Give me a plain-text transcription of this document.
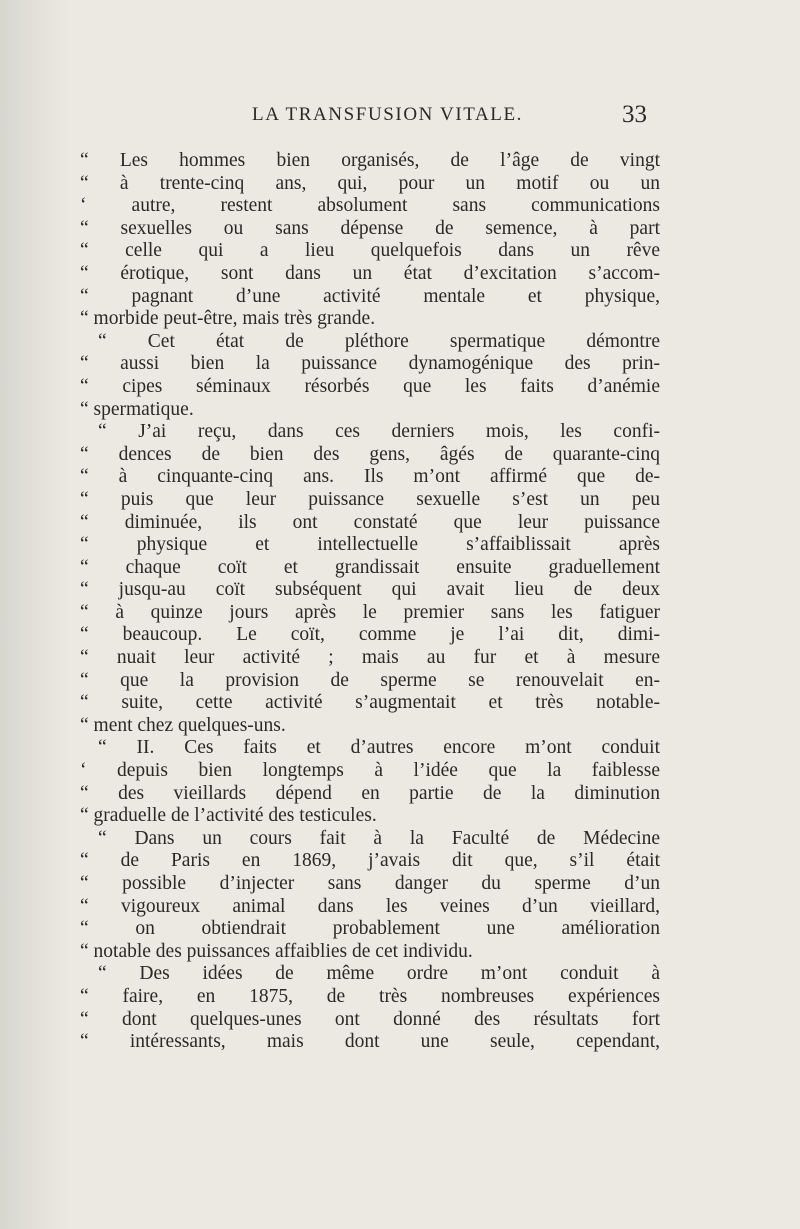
LA TRANSFUSION VITALE.	33
“ Les hommes bien organisés, de l’âge de vingt
“ à trente-cinq ans, qui, pour un motif ou un
‘ autre, restent absolument sans communications
“ sexuelles ou sans dépense de semence, à part
“ celle qui a lieu quelquefois dans un rêve
“ érotique, sont dans un état d’excitation s’accom-
“ pagnant d’une activité mentale et physique,
“ morbide peut-être, mais très grande.
“ Cet état de pléthore spermatique démontre
“ aussi bien la puissance dynamogénique des prin-
“ cipes séminaux résorbés que les faits d’anémie
“ spermatique.
“ J’ai reçu, dans ces derniers mois, les confi-
“ dences de bien des gens, âgés de quarante-cinq
“ à cinquante-cinq ans. Ils m’ont affirmé que de-
“ puis que leur puissance sexuelle s’est un peu
“ diminuée, ils ont constaté que leur puissance
“ physique et intellectuelle s’affaiblissait après
“ chaque coït et grandissait ensuite graduellement
“ jusqu-au coït subséquent qui avait lieu de deux
“ à quinze jours après le premier sans les fatiguer
“ beaucoup. Le coït, comme je l’ai dit, dimi-
“ nuait leur activité ; mais au fur et à mesure
“ que la provision de sperme se renouvelait en-
“ suite, cette activité s’augmentait et très notable-
“ ment chez quelques-uns.
“ II. Ces faits et d’autres encore m’ont conduit
‘ depuis bien longtemps à l’idée que la faiblesse
“ des vieillards dépend en partie de la diminution
“ graduelle de l’activité des testicules.
“ Dans un cours fait à la Faculté de Médecine
“ de Paris en 1869, j’avais dit que, s’il était
“ possible d’injecter sans danger du sperme d’un
“ vigoureux animal dans les veines d’un vieillard,
“ on obtiendrait probablement une amélioration
“ notable des puissances affaiblies de cet individu.
“ Des idées de même ordre m’ont conduit à
“ faire, en 1875, de très nombreuses expériences
“ dont quelques-unes ont donné des résultats fort
“ intéressants, mais dont une seule, cependant,
